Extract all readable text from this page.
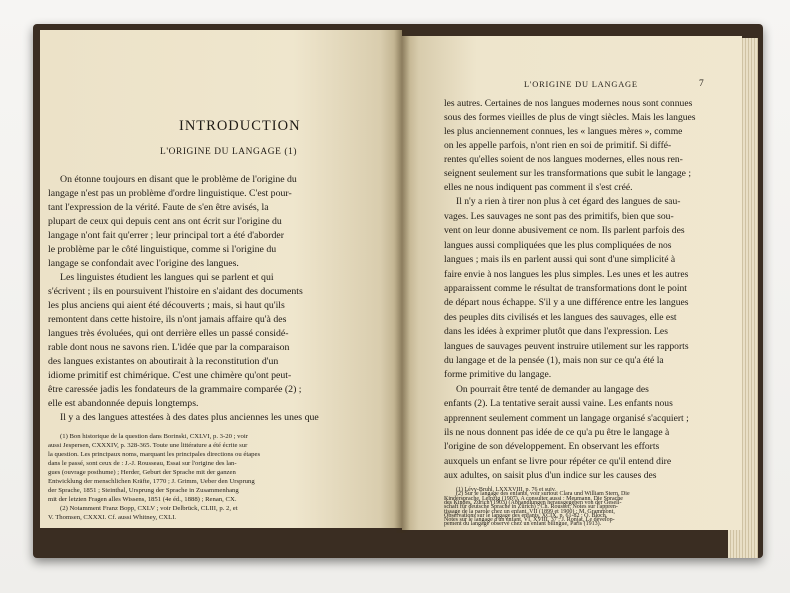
INTRODUCTION
L'ORIGINE DU LANGAGE (1)
On étonne toujours en disant que le problème de l'origine du
langage n'est pas un problème d'ordre linguistique. C'est pour-
tant l'expression de la vérité. Faute de s'en être avisés, la
plupart de ceux qui depuis cent ans ont écrit sur l'origine du
langage n'ont fait qu'errer ; leur principal tort a été d'aborder
le problème par le côté linguistique, comme si l'origine du
langage se confondait avec l'origine des langues.
Les linguistes étudient les langues qui se parlent et qui
s'écrivent ; ils en poursuivent l'histoire en s'aidant des documents
les plus anciens qui aient été découverts ; mais, si haut qu'ils
remontent dans cette histoire, ils n'ont jamais affaire qu'à des
langues très évoluées, qui ont derrière elles un passé considé-
rable dont nous ne savons rien. L'idée que par la comparaison
des langues existantes on aboutirait à la reconstitution d'un
idiome primitif est chimérique. C'est une chimère qu'ont peut-
être caressée jadis les fondateurs de la grammaire comparée (2) ;
elle est abandonnée depuis longtemps.
Il y a des langues attestées à des dates plus anciennes les unes que
(1) Bon historique de la question dans Borinski, CXLVI, p. 3-20 ; voir
aussi Jespersen, CXXXIV, p. 328-365. Toute une littérature a été écrite sur
la question. Les principaux noms, marquant les principales directions ou étapes
dans le passé, sont ceux de : J.-J. Rousseau, Essai sur l'origine des lan-
gues (ouvrage posthume) ; Herder, Geburt der Sprache mit der ganzen
Entwicklung der menschlichen Kräfte, 1770 ; J. Grimm, Ueber den Ursprung
der Sprache, 1851 ; Steinthal, Ursprung der Sprache in Zusammenhang
mit der letzten Fragen alles Wissens, 1851 (4e éd., 1888) ; Renan, CX.
(2) Notamment Franz Bopp, CXLV ; voir Delbrück, CLIII, p. 2, et
V. Thomsen, CXXXI. Cf. aussi Whitney, CXLI.
L'ORIGINE DU LANGAGE	7
les autres. Certaines de nos langues modernes nous sont connues
sous des formes vieilles de plus de vingt siècles. Mais les langues
les plus anciennement connues, les « langues mères », comme
on les appelle parfois, n'ont rien en soi de primitif. Si diffé-
rentes qu'elles soient de nos langues modernes, elles nous ren-
seignent seulement sur les transformations que subit le langage ;
elles ne nous indiquent pas comment il s'est créé.
Il n'y a rien à tirer non plus à cet égard des langues de sau-
vages. Les sauvages ne sont pas des primitifs, bien que sou-
vent on leur donne abusivement ce nom. Ils parlent parfois des
langues aussi compliquées que les plus compliquées de nos
langues ; mais ils en parlent aussi qui sont d'une simplicité à
faire envie à nos langues les plus simples. Les unes et les autres
apparaissent comme le résultat de transformations dont le point
de départ nous échappe. S'il y a une différence entre les langues
des peuples dits civilisés et les langues des sauvages, elle est
dans les idées à exprimer plutôt que dans l'expression. Les
langues de sauvages peuvent instruire utilement sur les rapports
du langage et de la pensée (1), mais non sur ce qu'a été la
forme primitive du langage.
On pourrait être tenté de demander au langage des
enfants (2). La tentative serait aussi vaine. Les enfants nous
apprennent seulement comment un langage organisé s'acquiert ;
ils ne nous donnent pas idée de ce qu'a pu être le langage à
l'origine de son développement. En observant les efforts
auxquels un enfant se livre pour répéter ce qu'il entend dire
aux adultes, on saisit plus d'un indice sur les causes des
(1) Lévy-Bruhl, LXXXVIII, p. 76 et suiv.
(2) Sur le langage des enfants, voir surtout Clara und William Stern, Die
Kindersprache, Leipzig (1907). A consulter aussi : Meumann, Die Sprache
des Kindes, Zürich (1903) (Abhandlungen herausgegeben von der Gesell-
schaft für deutsche Sprache in Zürich) ; Ch. Rousset, Notes sur l'appren-
tissage de la parole chez un enfant, VII (1899 et 1900) ; M. Grammont,
Observations sur le langage des enfants, XCIX, p. 61-82 ; O. Bloch,
Notes sur le langage d'un enfant, VI, XVIII, 37 ; J. Ronjat, Le dévelop-
pement du langage observé chez un enfant bilingue, Paris (1913).
